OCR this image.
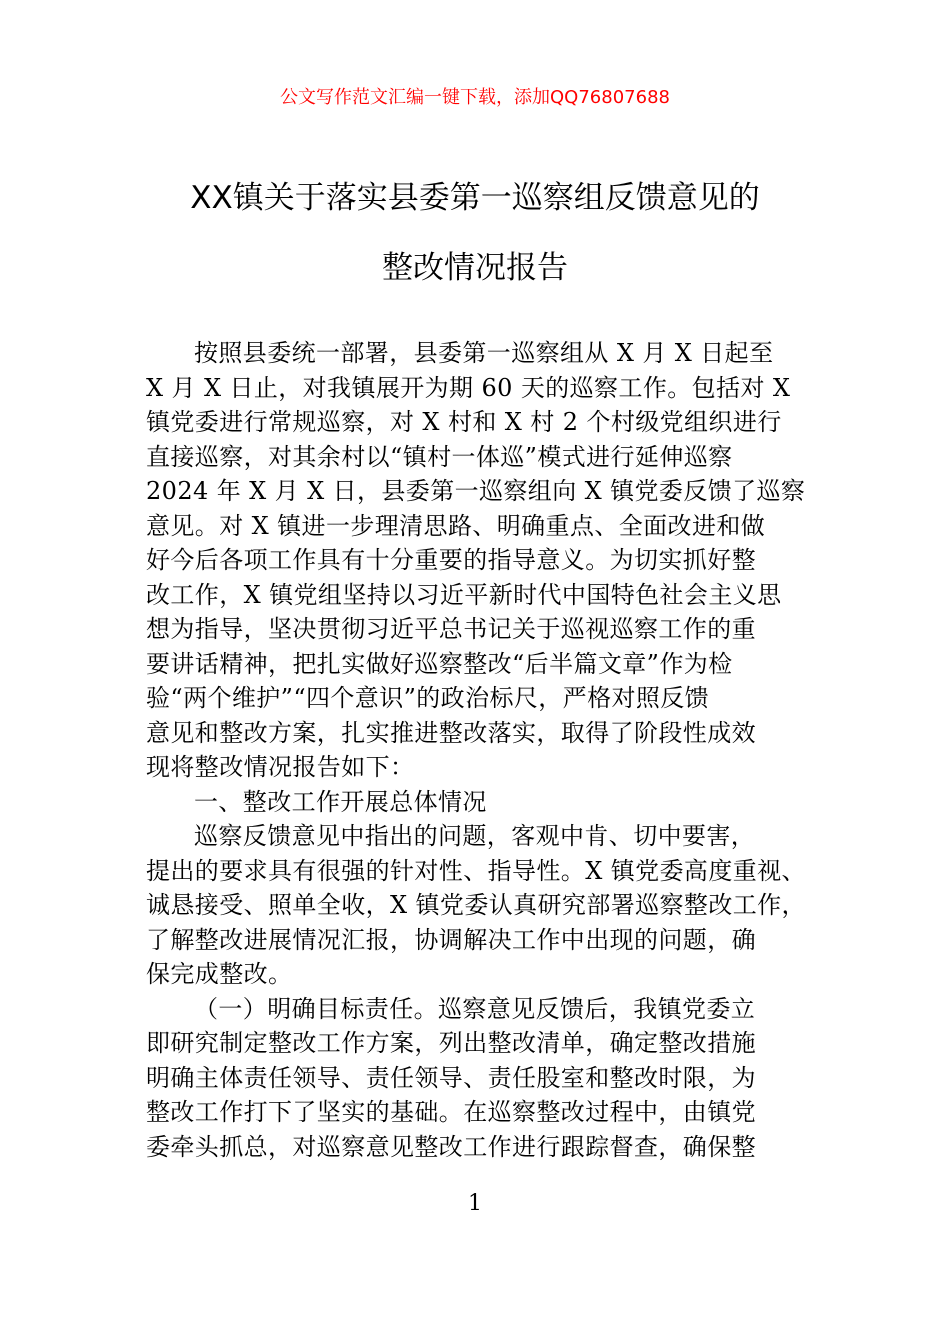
公文写作范文汇编一键下载，添加QQ76807688
XX镇关于落实县委第一巡察组反馈意见的
整改情况报告
按照县委统一部署，县委第一巡察组从 X 月 X 日起至
X 月 X 日止，对我镇展开为期 60 天的巡察工作。包括对 X
镇党委进行常规巡察，对 X 村和 X 村 2 个村级党组织进行
直接巡察，对其余村以“镇村一体巡”模式进行延伸巡察
2024 年 X 月 X 日，县委第一巡察组向 X 镇党委反馈了巡察
意见。对 X 镇进一步理清思路、明确重点、全面改进和做
好今后各项工作具有十分重要的指导意义。为切实抓好整
改工作，X 镇党组坚持以习近平新时代中国特色社会主义思
想为指导，坚决贯彻习近平总书记关于巡视巡察工作的重
要讲话精神，把扎实做好巡察整改“后半篇文章”作为检
验“两个维护”“四个意识”的政治标尺，严格对照反馈
意见和整改方案，扎实推进整改落实，取得了阶段性成效
现将整改情况报告如下：
一、整改工作开展总体情况
巡察反馈意见中指出的问题，客观中肯、切中要害，
提出的要求具有很强的针对性、指导性。X 镇党委高度重视、
诚恳接受、照单全收，X 镇党委认真研究部署巡察整改工作，
了解整改进展情况汇报，协调解决工作中出现的问题，确
保完成整改。
（一）明确目标责任。巡察意见反馈后，我镇党委立
即研究制定整改工作方案，列出整改清单，确定整改措施
明确主体责任领导、责任领导、责任股室和整改时限，为
整改工作打下了坚实的基础。在巡察整改过程中，由镇党
委牵头抓总，对巡察意见整改工作进行跟踪督查，确保整
1
